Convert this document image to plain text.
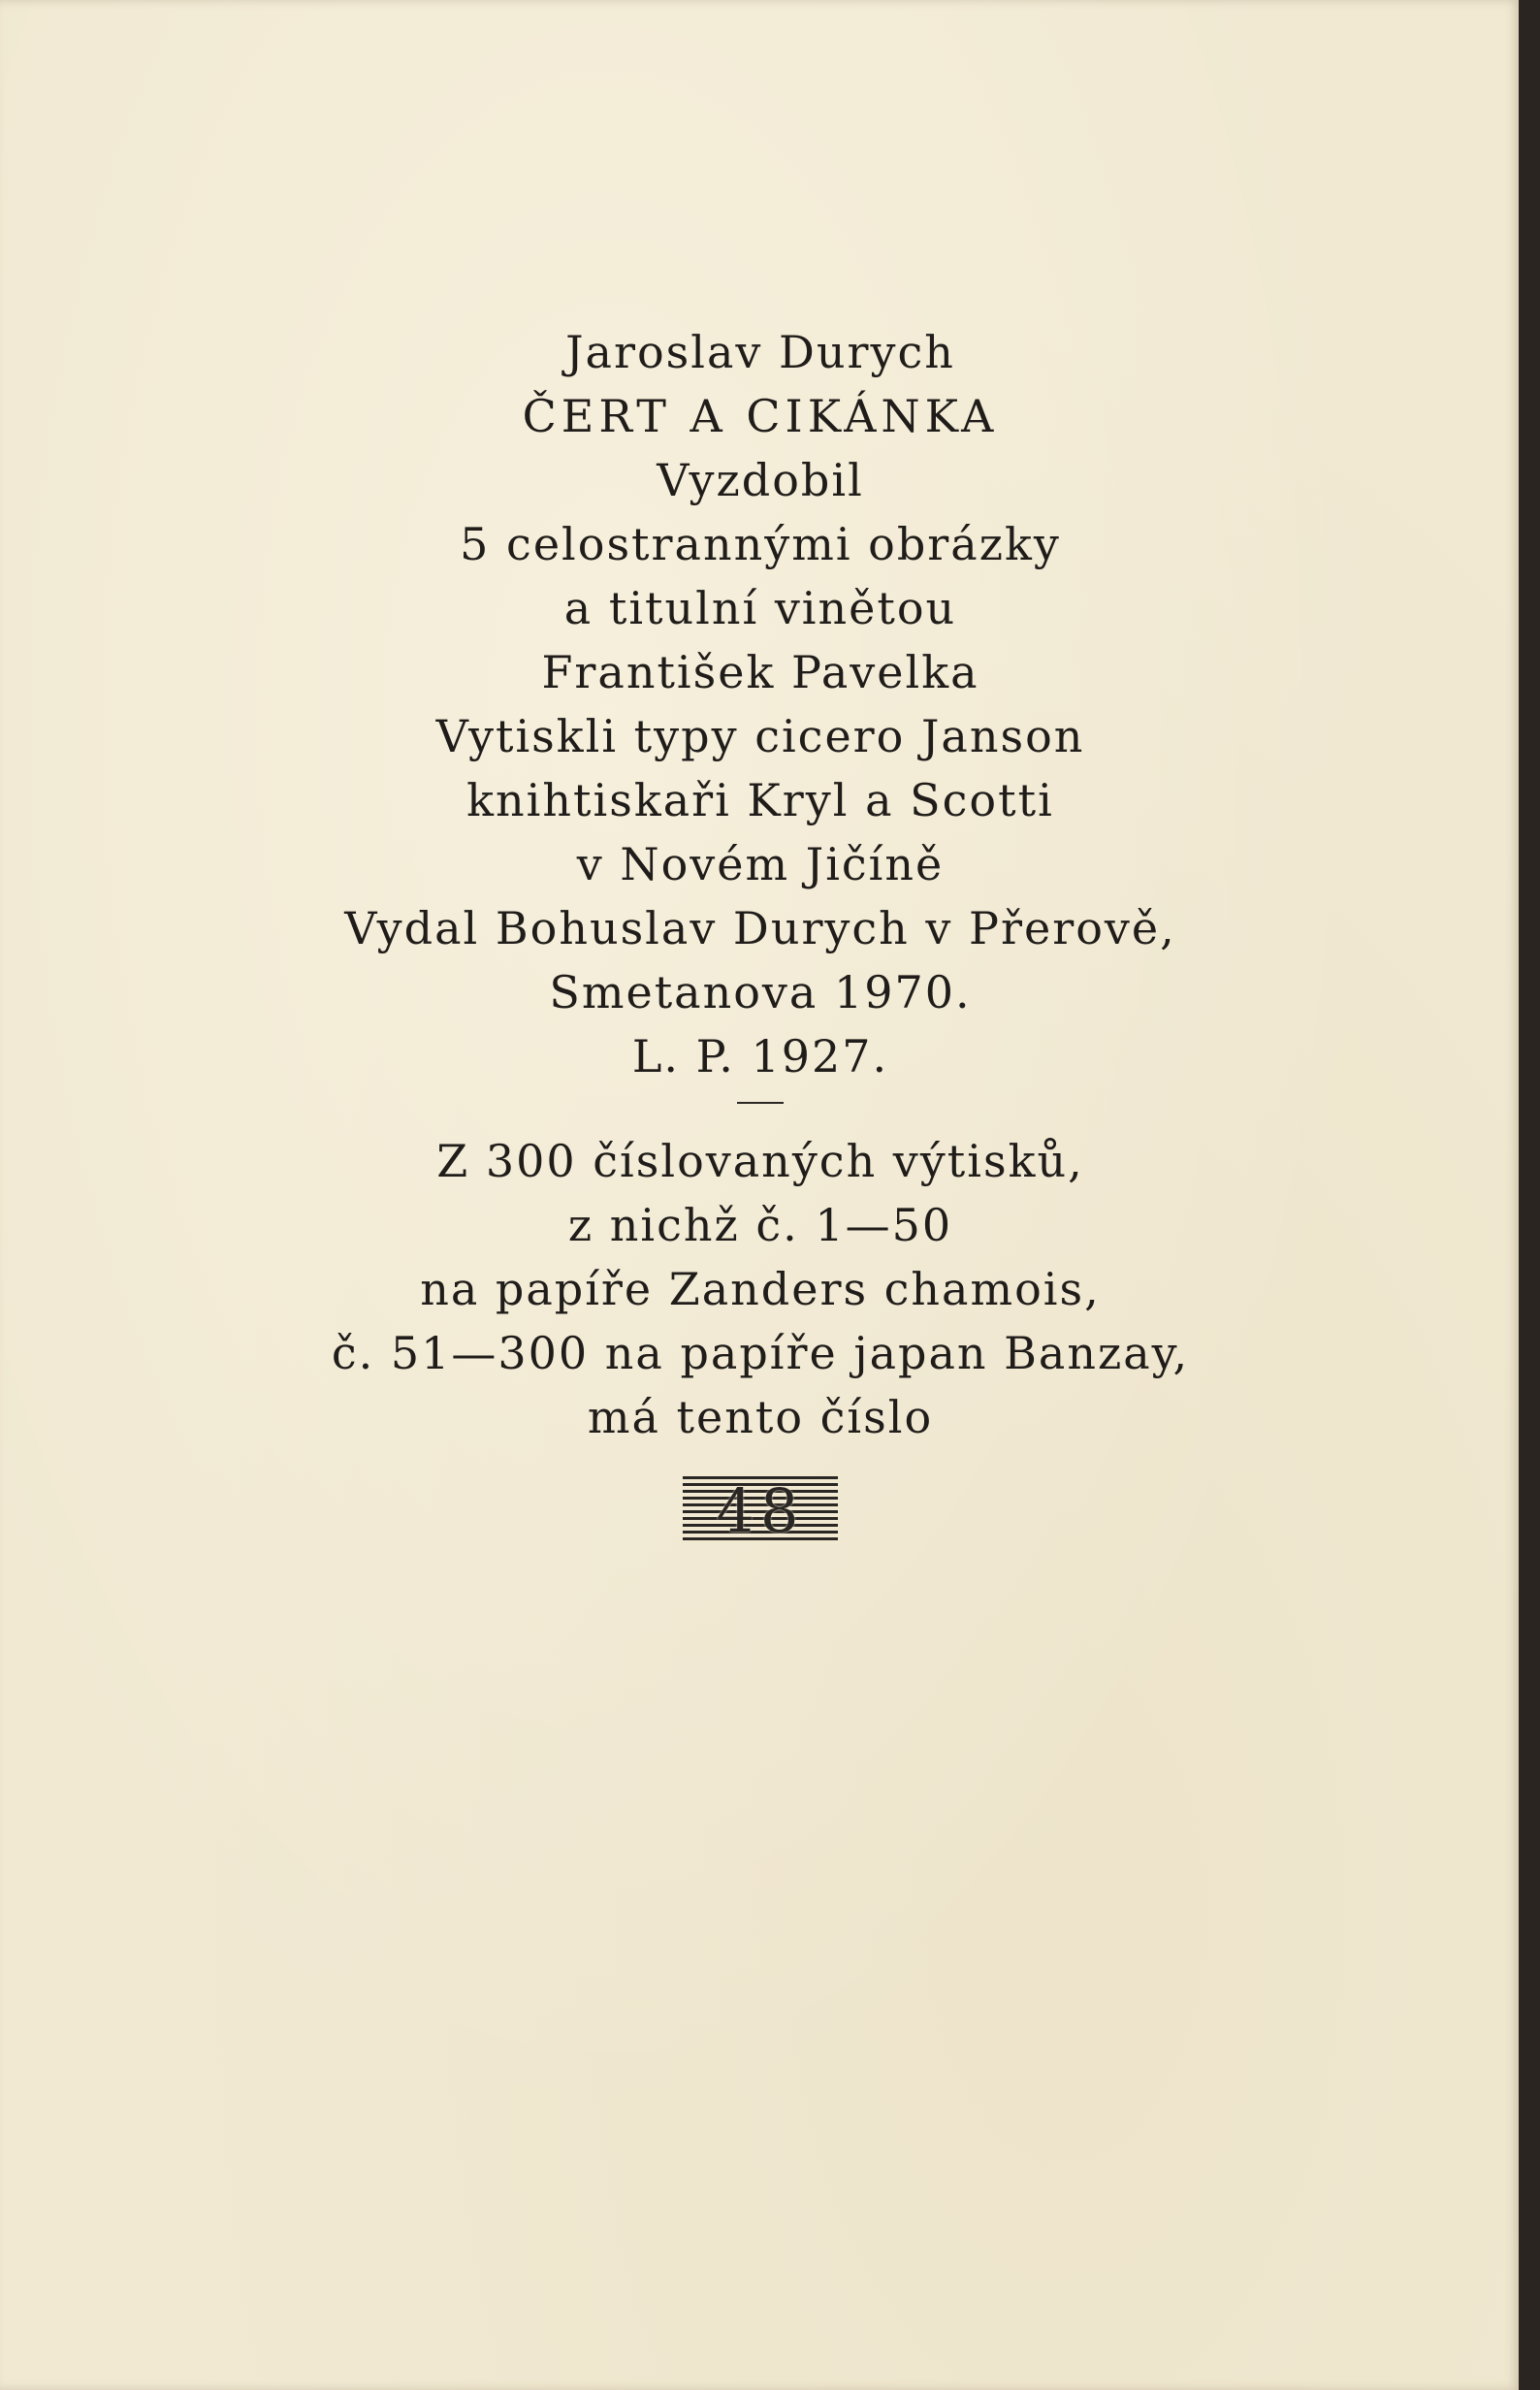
Jaroslav Durych
ČERT A CIKÁNKA
Vyzdobil
5 celostrannými obrázky
a titulní vinětou
František Pavelka
Vytiskli typy cicero Janson
knihtiskaři Kryl a Scotti
v Novém Jičíně
Vydal Bohuslav Durych v Přerově,
Smetanova 1970.
L. P. 1927.
Z 300 číslovaných výtisků,
z nichž č. 1—50
na papíře Zanders chamois,
č. 51—300 na papíře japan Banzay,
má tento číslo
48
